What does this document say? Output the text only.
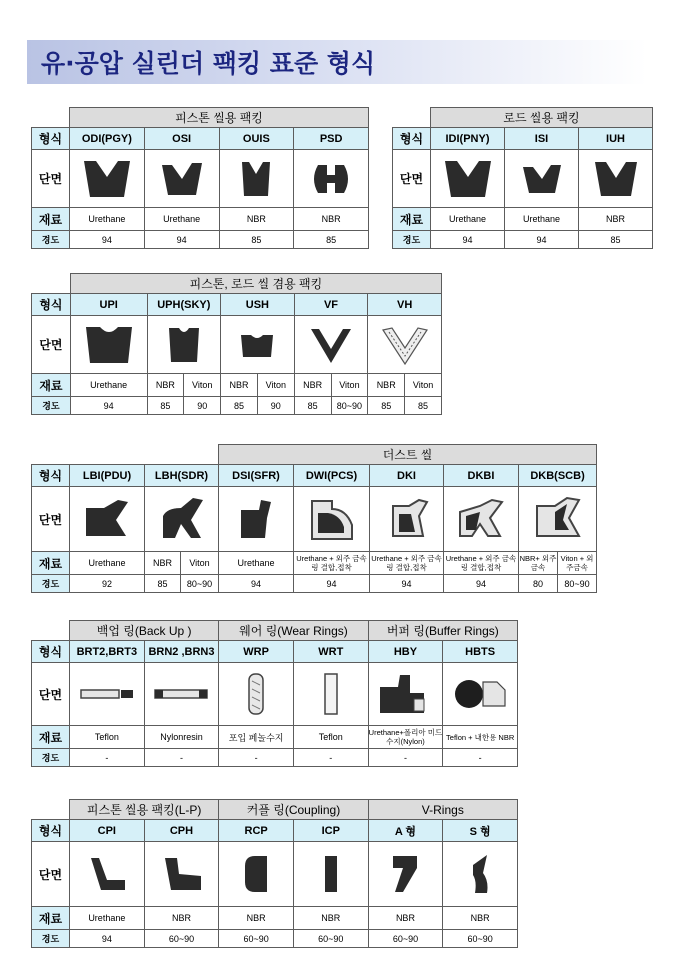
유·공압 실린더 팩킹 표준 형식
	피스톤 씰용 팩킹			
형식	ODI(PGY)	OSI	OUIS	PSD
단면	

재료	Urethane	Urethane	NBR	NBR
경도	94	94	85	85
	로드 씰용 팩킹		
형식	IDI(PNY)	ISI	IUH
단면	

재료	Urethane	Urethane	NBR
경도	94	94	85
	피스톤, 로드 씰 겸용 팩킹								
형식	UPI	UPH(SKY)		USH		VF		VH	
단면	

재료	Urethane	NBR	Viton	NBR	Viton	NBR	Viton	NBR	Viton
경도	94	85	90	85	90	85	80~90	85	85
				더스트 씰					
형식	LBI(PDU)	LBH(SDR)		DSI(SFR)	DWI(PCS)	DKI	DKBI	DKB(SCB)	
단면	

재료	Urethane	NBR	Viton	Urethane	Urethane + 외주 금속링 결합,접착	Urethane + 외주 금속링 결합,접착	Urethane + 외주 금속링 결합,접착	NBR+ 외주금속	Viton + 외주금속
경도	92	85	80~90	94	94	94	94	80	80~90
	백업 링(Back Up )		웨어 링(Wear Rings)		버퍼 링(Buffer Rings)	
형식	BRT2,BRT3	BRN2 ,BRN3	WRP	WRT	HBY	HBTS
단면	

재료	Teflon	Nylonresin	포입 페놀수지	Teflon	Urethane+폴리아 미드 수지(Nylon)	Teflon + 내한용 NBR
경도	-	-	-	-	-	-
	피스톤 씰용 팩킹(L-P)		커플 링(Coupling)		V-Rings	
형식	CPI	CPH	RCP	ICP	A 형	S 형
단면	

재료	Urethane	NBR	NBR	NBR	NBR	NBR
경도	94	60~90	60~90	60~90	60~90	60~90
